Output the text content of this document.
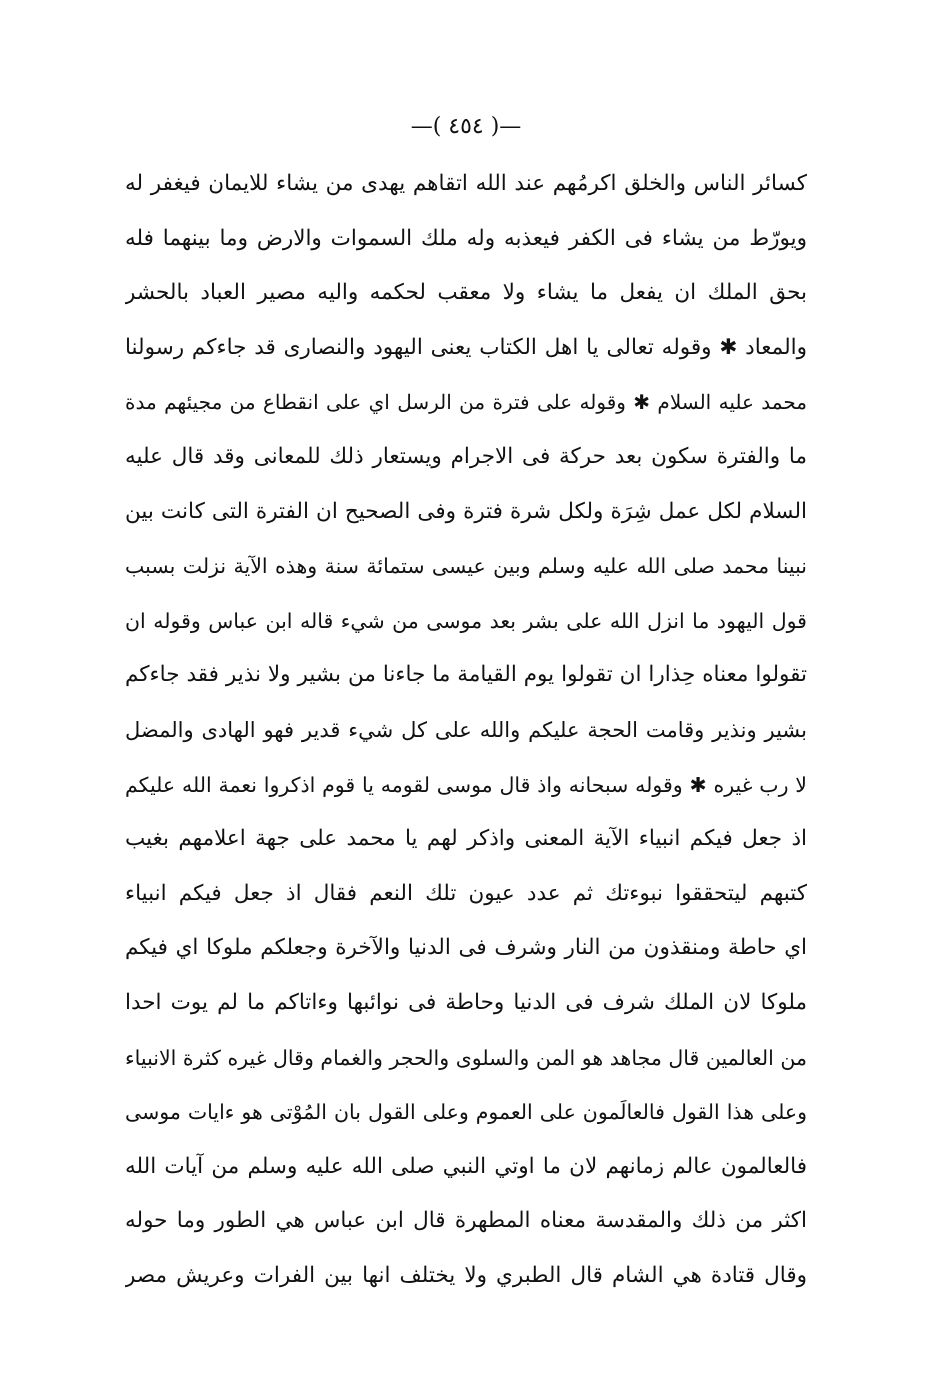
—( ٤٥٤ )—
كسائر الناس والخلق اكرمُهم عند الله اتقاهم يهدى من يشاء للايمان فيغفر له
ويورّط من يشاء فى الكفر فيعذبه وله ملك السموات والارض وما بينهما فله
بحق الملك ان يفعل ما يشاء ولا معقب لحكمه واليه مصير العباد بالحشر
والمعاد ✱ وقوله تعالى يا اهل الكتاب يعنى اليهود والنصارى قد جاءكم رسولنا
محمد عليه السلام ✱ وقوله على فترة من الرسل اي على انقطاع من مجيئهم مدة
ما والفترة سكون بعد حركة فى الاجرام ويستعار ذلك للمعانى وقد قال عليه
السلام لكل عمل شِرَة ولكل شرة فترة وفى الصحيح ان الفترة التى كانت بين
نبينا محمد صلى الله عليه وسلم وبين عيسى ستمائة سنة وهذه الآية نزلت بسبب
قول اليهود ما انزل الله على بشر بعد موسى من شيء قاله ابن عباس وقوله ان
تقولوا معناه حِذارا ان تقولوا يوم القيامة ما جاءنا من بشير ولا نذير فقد جاءكم
بشير ونذير وقامت الحجة عليكم والله على كل شيء قدير فهو الهادى والمضل
لا رب غيره ✱ وقوله سبحانه واذ قال موسى لقومه يا قوم اذكروا نعمة الله عليكم
اذ جعل فيكم انبياء الآية المعنى واذكر لهم يا محمد على جهة اعلامهم بغيب
كتبهم ليتحققوا نبوءتك ثم عدد عيون تلك النعم فقال اذ جعل فيكم انبياء
اي حاطة ومنقذون من النار وشرف فى الدنيا والآخرة وجعلكم ملوكا اي فيكم
ملوكا لان الملك شرف فى الدنيا وحاطة فى نوائبها وءاتاكم ما لم يوت احدا
من العالمين قال مجاهد هو المن والسلوى والحجر والغمام وقال غيره كثرة الانبياء
وعلى هذا القول فالعالَمون على العموم وعلى القول بان المُوْتى هو ءايات موسى
فالعالمون عالم زمانهم لان ما اوتي النبي صلى الله عليه وسلم من آيات الله
اكثر من ذلك والمقدسة معناه المطهرة قال ابن عباس هي الطور وما حوله
وقال قتادة هي الشام قال الطبري ولا يختلف انها بين الفرات وعريش مصر
